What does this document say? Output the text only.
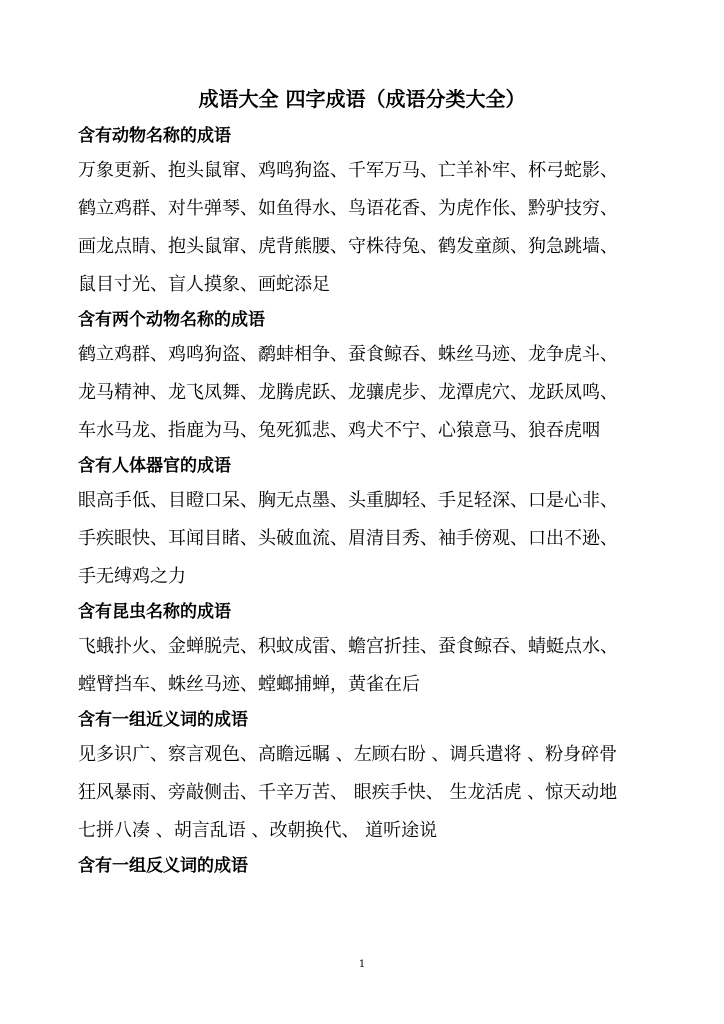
成语大全 四字成语（成语分类大全）
含有动物名称的成语
万象更新、抱头鼠窜、鸡鸣狗盗、千军万马、亡羊补牢、杯弓蛇影、
鹤立鸡群、对牛弹琴、如鱼得水、鸟语花香、为虎作伥、黔驴技穷、
画龙点睛、抱头鼠窜、虎背熊腰、守株待兔、鹤发童颜、狗急跳墙、
鼠目寸光、盲人摸象、画蛇添足
含有两个动物名称的成语
鹤立鸡群、鸡鸣狗盗、鹬蚌相争、蚕食鲸吞、蛛丝马迹、龙争虎斗、
龙马精神、龙飞凤舞、龙腾虎跃、龙骧虎步、龙潭虎穴、龙跃凤鸣、
车水马龙、指鹿为马、兔死狐悲、鸡犬不宁、心猿意马、狼吞虎咽
含有人体器官的成语
眼高手低、目瞪口呆、胸无点墨、头重脚轻、手足轻深、口是心非、
手疾眼快、耳闻目睹、头破血流、眉清目秀、袖手傍观、口出不逊、
手无缚鸡之力
含有昆虫名称的成语
飞蛾扑火、金蝉脱壳、积蚊成雷、蟾宫折挂、蚕食鲸吞、蜻蜓点水、
螳臂挡车、蛛丝马迹、螳螂捕蝉，黄雀在后
含有一组近义词的成语
见多识广、察言观色、高瞻远瞩 、左顾右盼 、调兵遣将 、粉身碎骨
狂风暴雨、旁敲侧击、千辛万苦、 眼疾手快、 生龙活虎 、惊天动地
七拼八凑 、胡言乱语 、改朝换代、 道听途说
含有一组反义词的成语
1
